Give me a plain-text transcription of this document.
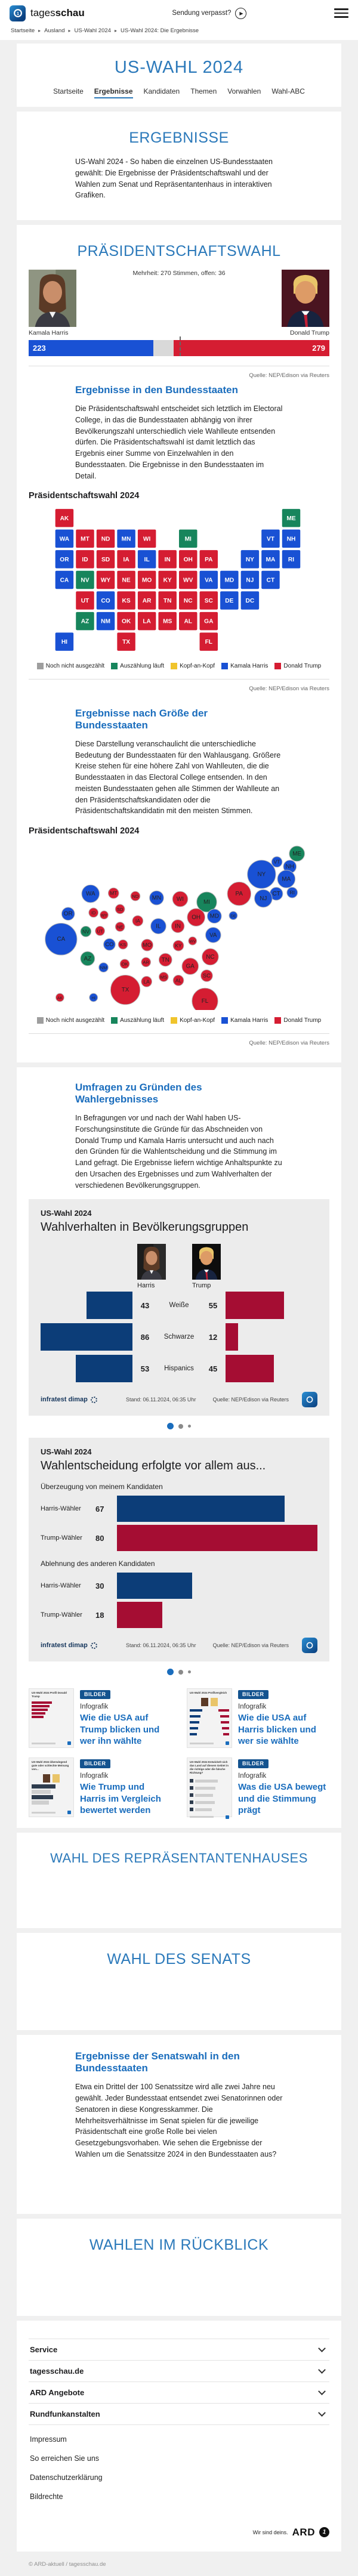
1 tagesschau	Sendung verpasst?	▶
Startseite ▸ Ausland ▸ US-Wahl 2024 ▸ US-Wahl 2024: Die Ergebnisse
US-WAHL 2024
Startseite Ergebnisse Kandidaten Themen Vorwahlen Wahl-ABC
ERGEBNISSE

US-Wahl 2024 - So haben die einzelnen US-Bundesstaaten gewählt: Die Ergebnisse der Präsidentschaftswahl und der Wahlen zum Senat und Repräsentantenhaus in interaktiven Grafiken.

PRÄSIDENTSCHAFTSWAHL

Mehrheit: 270 Stimmen, offen: 36

Kamala Harris	Donald Trump
223	279

Quelle: NEP/Edison via Reuters

Ergebnisse in den Bundesstaaten

Die Präsidentschaftswahl entscheidet sich letztlich im Electoral College, in das die Bundesstaaten abhängig von ihrer Bevölkerungszahl unterschiedlich viele Wahlleute entsenden dürfen. Die Präsidentschaftswahl ist damit letztlich das Ergebnis einer Summe von Einzelwahlen in den Bundesstaaten. Die Ergebnisse in den Bundesstaaten im Detail.

Präsidentschaftswahl 2024

AK	ME
WA MT ND MN WI	MI	VT NH
OR ID SD IA IL IN OH PA	NY MA RI
CA NV WY NE MO KY WV VA MD NJ CT
UT CO KS AR TN NC SC DE DC
AZ NM OK LA MS AL GA
HI	TX	FL
Noch nicht ausgezählt	Auszählung läuft	Kopf-an-Kopf	Kamala Harris	Donald Trump

Quelle: NEP/Edison via Reuters

Ergebnisse nach Größe der Bundesstaaten

Diese Darstellung veranschaulicht die unterschiedliche Bedeutung der Bundesstaaten für den Wahlausgang. Größere Kreise stehen für eine höhere Zahl von Wahlleuten, die die Bundesstaaten in das Electoral College entsenden. In den meisten Bundesstaaten gehen alle Stimmen der Wahlleute an den Präsidentschaftskandidaten oder die Präsidentschaftskandidatin mit den meisten Stimmen.

Präsidentschaftswahl 2024

ME
VT
NH
NY
MA
CT RI
PA
NJ
WA	MT
ND MN	WI	MI
OR	ID
WY
SD
NE
IA
IL IN
OH MD	DE
NV UT
CO KS	MO	KY
WV
VA
CA
AZ
NM
OK	AR TN	NC
GA
SC
MS
AL
LA
TX
AK	HI	FL
Noch nicht ausgezählt	Auszählung läuft	Kopf-an-Kopf	Kamala Harris	Donald Trump

Quelle: NEP/Edison via Reuters

Umfragen zu Gründen des Wahlergebnisses

In Befragungen vor und nach der Wahl haben US-Forschungsinstitute die Gründe für das Abschneiden von Donald Trump und Kamala Harris untersucht und auch nach den Gründen für die Wahlentscheidung und die Stimmung im Land gefragt. Die Ergebnisse liefern wichtige Anhaltspunkte zu den Ursachen des Ergebnisses und zum Wahlverhalten der verschiedenen Bevölkerungsgruppen.

US-Wahl 2024
Wahlverhalten in Bevölkerungsgruppen
Harris	Trump
43	Weiße	55
86	Schwarze	12
53	Hispanics	45
infratest dimap	Stand: 06.11.2024, 06:35 Uhr	Quelle: NEP/Edison via Reuters
US-Wahl 2024
Wahlentscheidung erfolgte vor allem aus...
Überzeugung von meinem Kandidaten
Harris-Wähler	67
Trump-Wähler	80
Ablehnung des anderen Kandidaten
Harris-Wähler	30
Trump-Wähler	18
infratest dimap	Stand: 06.11.2024, 06:35 Uhr	Quelle: NEP/Edison via Reuters
US-Wahl 2024 Profil Donald Trump	BILDER
Infografik
Wie die USA auf Trump blicken und wer ihn wählte
US-Wahl 2024 Profilvergleich	BILDER
Infografik
Wie die USA auf Harris blicken und wer sie wählte
US-Wahl 2024 Überwiegend gute oder schlechte Meinung von...
BILDER
Infografik
Wie Trump und Harris im Vergleich bewertet werden
US-Wahl 2024 Entwickelt sich das Land auf diesem Gebiet in die richtige oder die falsche Richtung?
BILDER
Infografik
Was die USA bewegt und die Stimmung prägt
WAHL DES REPRÄSENTANTENHAUSES
WAHL DES SENATS
Ergebnisse der Senatswahl in den Bundesstaaten

Etwa ein Drittel der 100 Senatssitze wird alle zwei Jahre neu gewählt. Jeder Bundesstaat entsendet zwei Senatorinnen oder Senatoren in diese Kongresskammer. Die Mehrheitsverhältnisse im Senat spielen für die jeweilige Präsidentschaft eine große Rolle bei vielen Gesetzgebungsvorhaben. Wie sehen die Ergebnisse der Wahlen um die Senatssitze 2024 in den Bundesstaaten aus?

WAHLEN IM RÜCKBLICK
Service
tagesschau.de
ARD Angebote
Rundfunkanstalten
Impressum
So erreichen Sie uns
Datenschutzerklärung
Bildrechte
Wir sind deins. ARD	1
© ARD-aktuell / tagesschau.de
